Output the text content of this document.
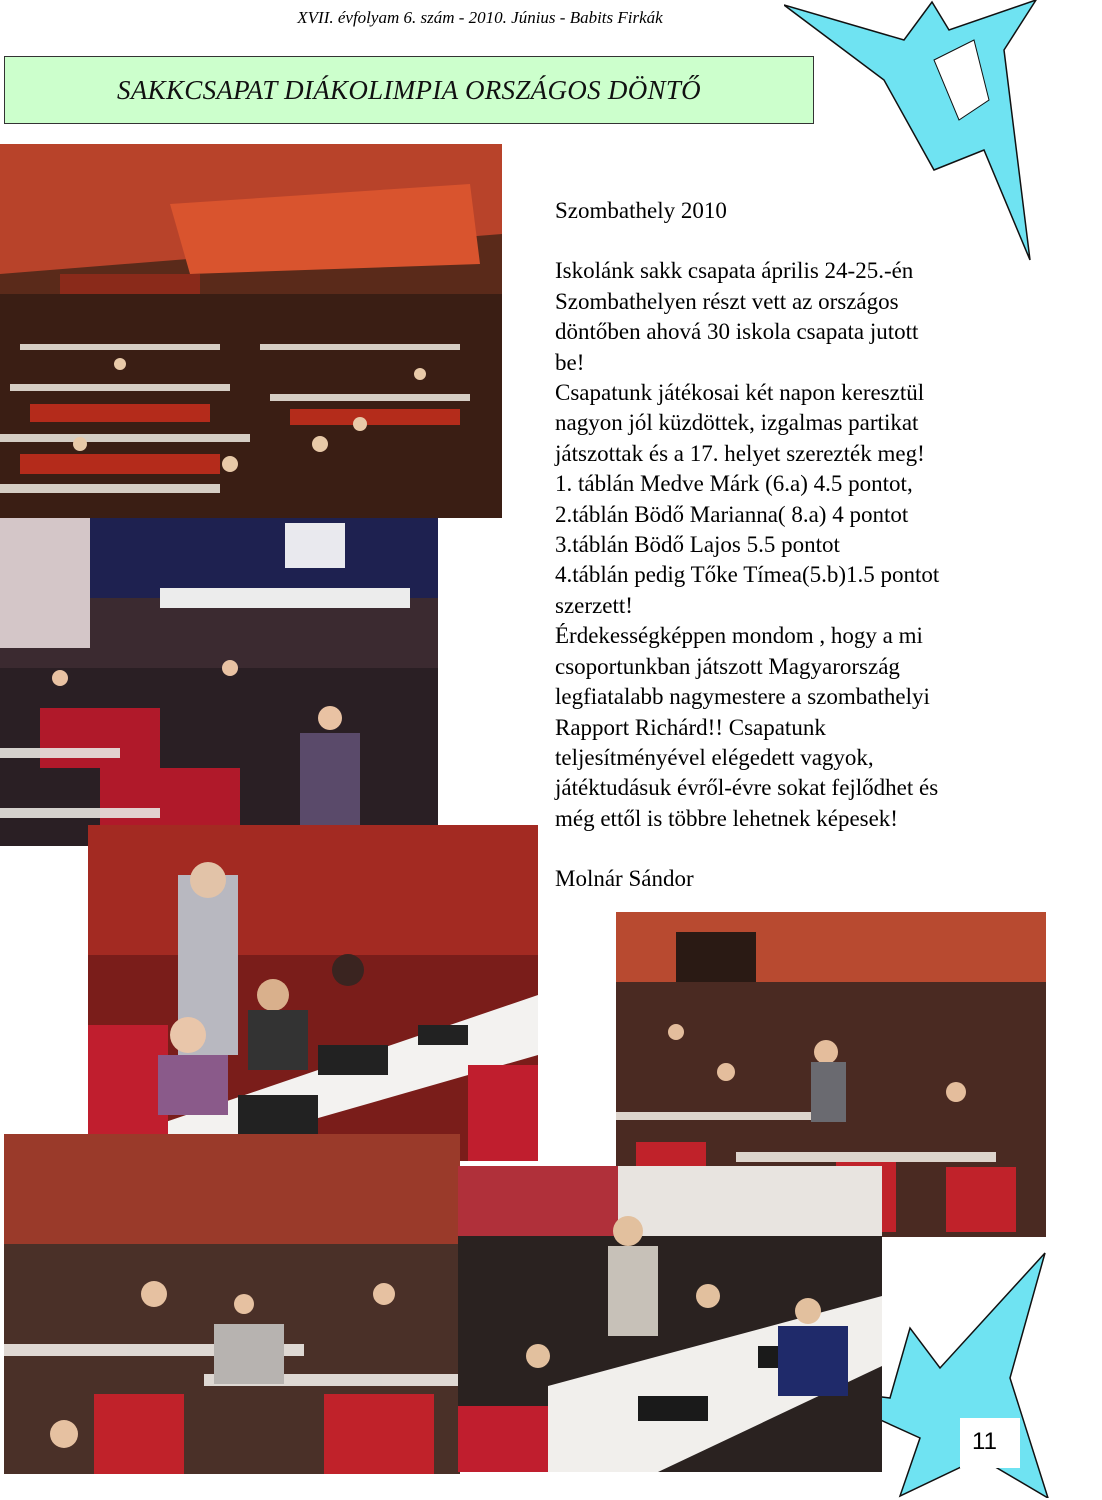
XVII. évfolyam 6. szám - 2010. Június - Babits Firkák
SAKKCSAPAT DIÁKOLIMPIA ORSZÁGOS DÖNTŐ

Szombathely 2010

Iskolánk sakk csapata április 24-25.-én

Szombathelyen részt vett az országos

döntőben ahová 30 iskola csapata jutott

be!

Csapatunk játékosai két napon keresztül

nagyon jól küzdöttek, izgalmas partikat

játszottak és a 17. helyet szerezték meg!

1. táblán Medve Márk (6.a) 4.5 pontot,

2.táblán Bödő Marianna( 8.a) 4 pontot

3.táblán Bödő Lajos 5.5 pontot

4.táblán pedig Tőke Tímea(5.b)1.5 pontot

szerzett!

Érdekességképpen mondom , hogy a mi

csoportunkban játszott Magyarország

legfiatalabb nagymestere a szombathelyi

Rapport Richárd!! Csapatunk

teljesítményével elégedett vagyok,

játéktudásuk évről-évre sokat fejlődhet és

még ettől is többre lehetnek képesek!

Molnár Sándor

11
